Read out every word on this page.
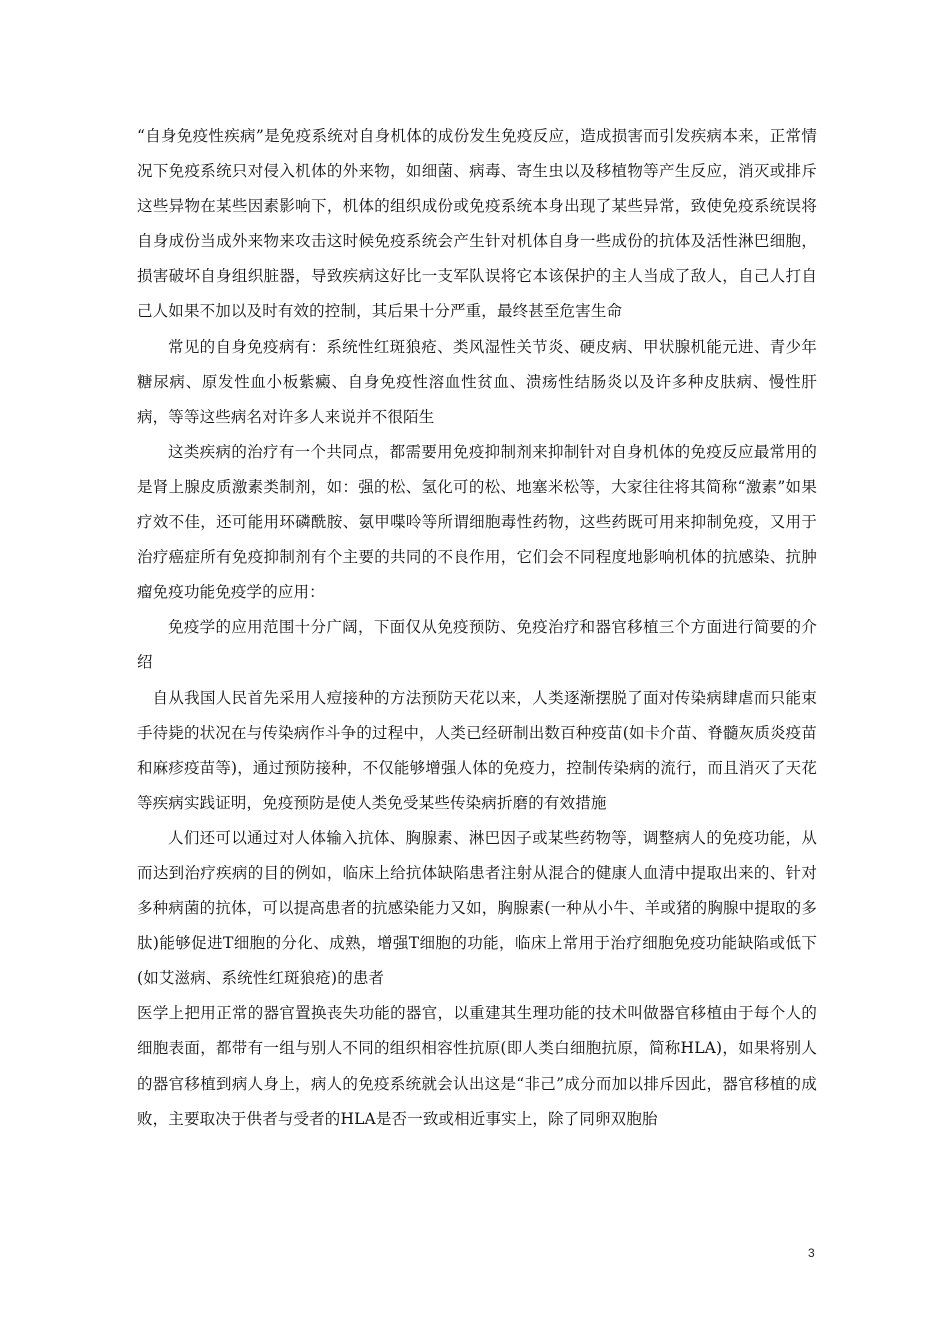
“自身免疫性疾病”是免疫系统对自身机体的成份发生免疫反应，造成损害而引发疾病本来，正常情况下免疫系统只对侵入机体的外来物，如细菌、病毒、寄生虫以及移植物等产生反应，消灭或排斥这些异物在某些因素影响下，机体的组织成份或免疫系统本身出现了某些异常，致使免疫系统误将自身成份当成外来物来攻击这时候免疫系统会产生针对机体自身一些成份的抗体及活性淋巴细胞，损害破坏自身组织脏器，导致疾病这好比一支军队误将它本该保护的主人当成了敌人，自己人打自己人如果不加以及时有效的控制，其后果十分严重，最终甚至危害生命

常见的自身免疫病有：系统性红斑狼疮、类风湿性关节炎、硬皮病、甲状腺机能元进、青少年糖尿病、原发性血小板紫癜、自身免疫性溶血性贫血、溃疡性结肠炎以及许多种皮肤病、慢性肝病，等等这些病名对许多人来说并不很陌生

这类疾病的治疗有一个共同点，都需要用免疫抑制剂来抑制针对自身机体的免疫反应最常用的是肾上腺皮质激素类制剂，如：强的松、氢化可的松、地塞米松等，大家往往将其简称“激素”如果疗效不佳，还可能用环磷酰胺、氨甲喋呤等所谓细胞毒性药物，这些药既可用来抑制免疫，又用于治疗癌症所有免疫抑制剂有个主要的共同的不良作用，它们会不同程度地影响机体的抗感染、抗肿瘤免疫功能免疫学的应用：

免疫学的应用范围十分广阔，下面仅从免疫预防、免疫治疗和器官移植三个方面进行简要的介绍

自从我国人民首先采用人痘接种的方法预防天花以来，人类逐渐摆脱了面对传染病肆虐而只能束手待毙的状况在与传染病作斗争的过程中，人类已经研制出数百种疫苗(如卡介苗、脊髓灰质炎疫苗和麻疹疫苗等)，通过预防接种，不仅能够增强人体的免疫力，控制传染病的流行，而且消灭了天花等疾病实践证明，免疫预防是使人类免受某些传染病折磨的有效措施

人们还可以通过对人体输入抗体、胸腺素、淋巴因子或某些药物等，调整病人的免疫功能，从而达到治疗疾病的目的例如，临床上给抗体缺陷患者注射从混合的健康人血清中提取出来的、针对多种病菌的抗体，可以提高患者的抗感染能力又如，胸腺素(一种从小牛、羊或猪的胸腺中提取的多肽)能够促进T细胞的分化、成熟，增强T细胞的功能，临床上常用于治疗细胞免疫功能缺陷或低下(如艾滋病、系统性红斑狼疮)的患者

医学上把用正常的器官置换丧失功能的器官，以重建其生理功能的技术叫做器官移植由于每个人的细胞表面，都带有一组与别人不同的组织相容性抗原(即人类白细胞抗原，简称HLA)，如果将别人的器官移植到病人身上，病人的免疫系统就会认出这是“非己”成分而加以排斥因此，器官移植的成败，主要取决于供者与受者的HLA是否一致或相近事实上，除了同卵双胞胎

3
